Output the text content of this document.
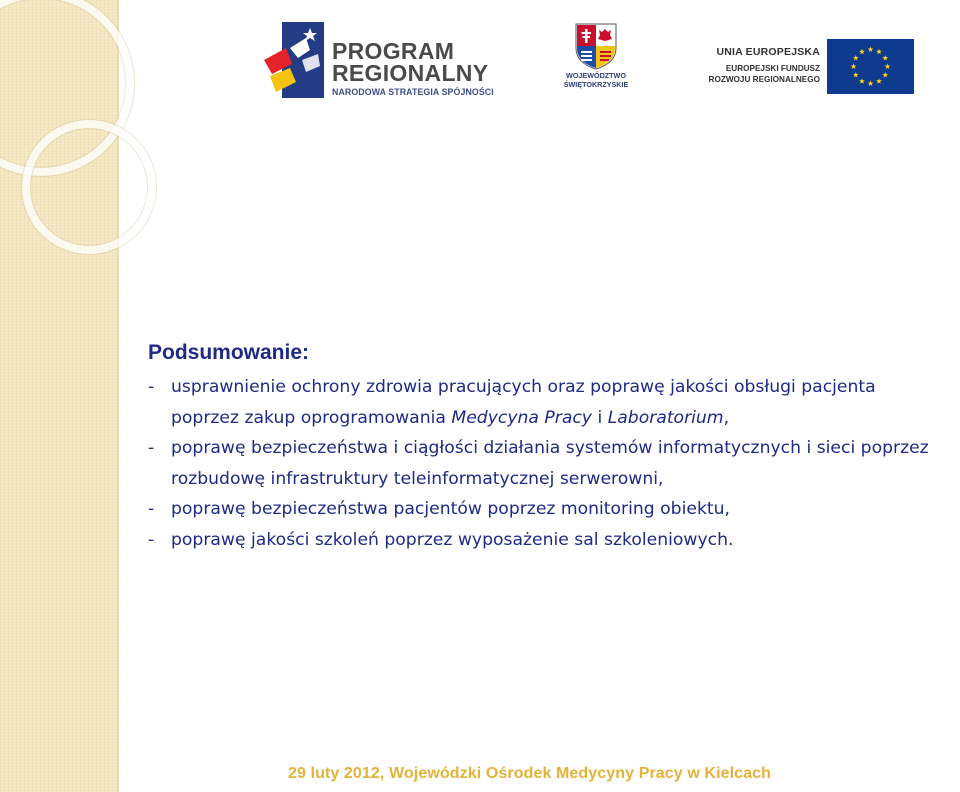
PROGRAM
REGIONALNY
NARODOWA STRATEGIA SPÓJNOŚCI
WOJEWÓDZTWO
ŚWIĘTOKRZYSKIE
UNIA EUROPEJSKA
EUROPEJSKI FUNDUSZ
ROZWOJU REGIONALNEGO
Podsumowanie:
- usprawnienie ochrony zdrowia pracujących oraz poprawę jakości obsługi pacjenta poprzez zakup oprogramowania Medycyna Pracy i Laboratorium,
- poprawę bezpieczeństwa i ciągłości działania systemów informatycznych i sieci poprzez rozbudowę infrastruktury teleinformatycznej serwerowni,
- poprawę bezpieczeństwa pacjentów poprzez monitoring obiektu,
- poprawę jakości szkoleń poprzez wyposażenie sal szkoleniowych.
29 luty 2012, Wojewódzki Ośrodek Medycyny Pracy w Kielcach
